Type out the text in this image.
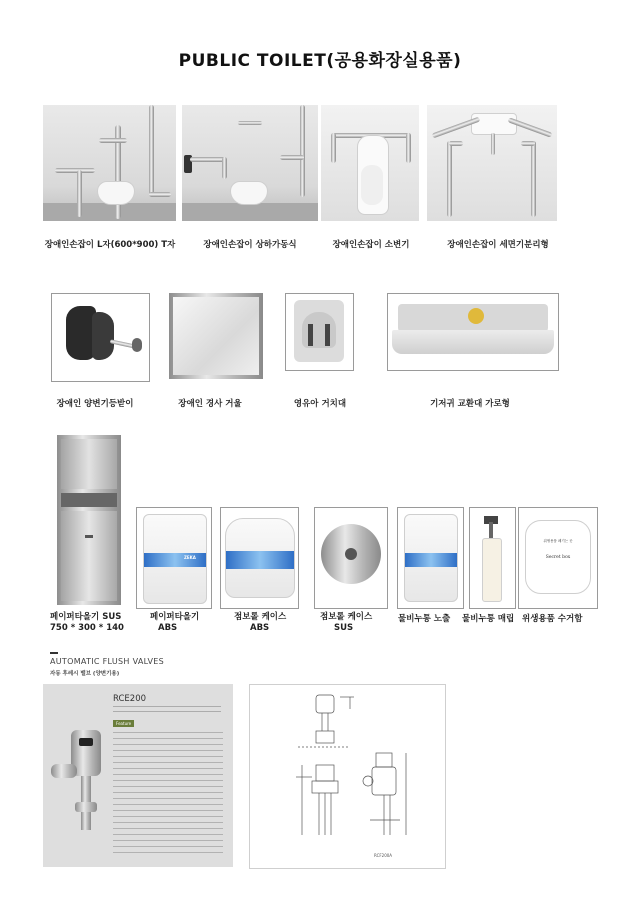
PUBLIC TOILET(공용화장실용품)
장애인손잡이 L자(600*900) T자	장애인손잡이 상하가동식	장애인손잡이 소변기	장애인손잡이 세면기분리형
장애인 양변기등받이	장애인 경사 거울	영유아 거치대	기저귀 교환대 가로형
ZEKA
위생용품 폐기는 곳
Secret box
페이퍼타올기 SUS
750 * 300 * 140
페이퍼타올기
ABS
점보롤 케이스
ABS
점보롤 케이스
SUS
물비누통 노출 물비누통 매립 위생용품 수거함
AUTOMATIC FLUSH VALVES
자동 후레시 밸브 (양변기용)
RCE200
Feature
RCF200A
